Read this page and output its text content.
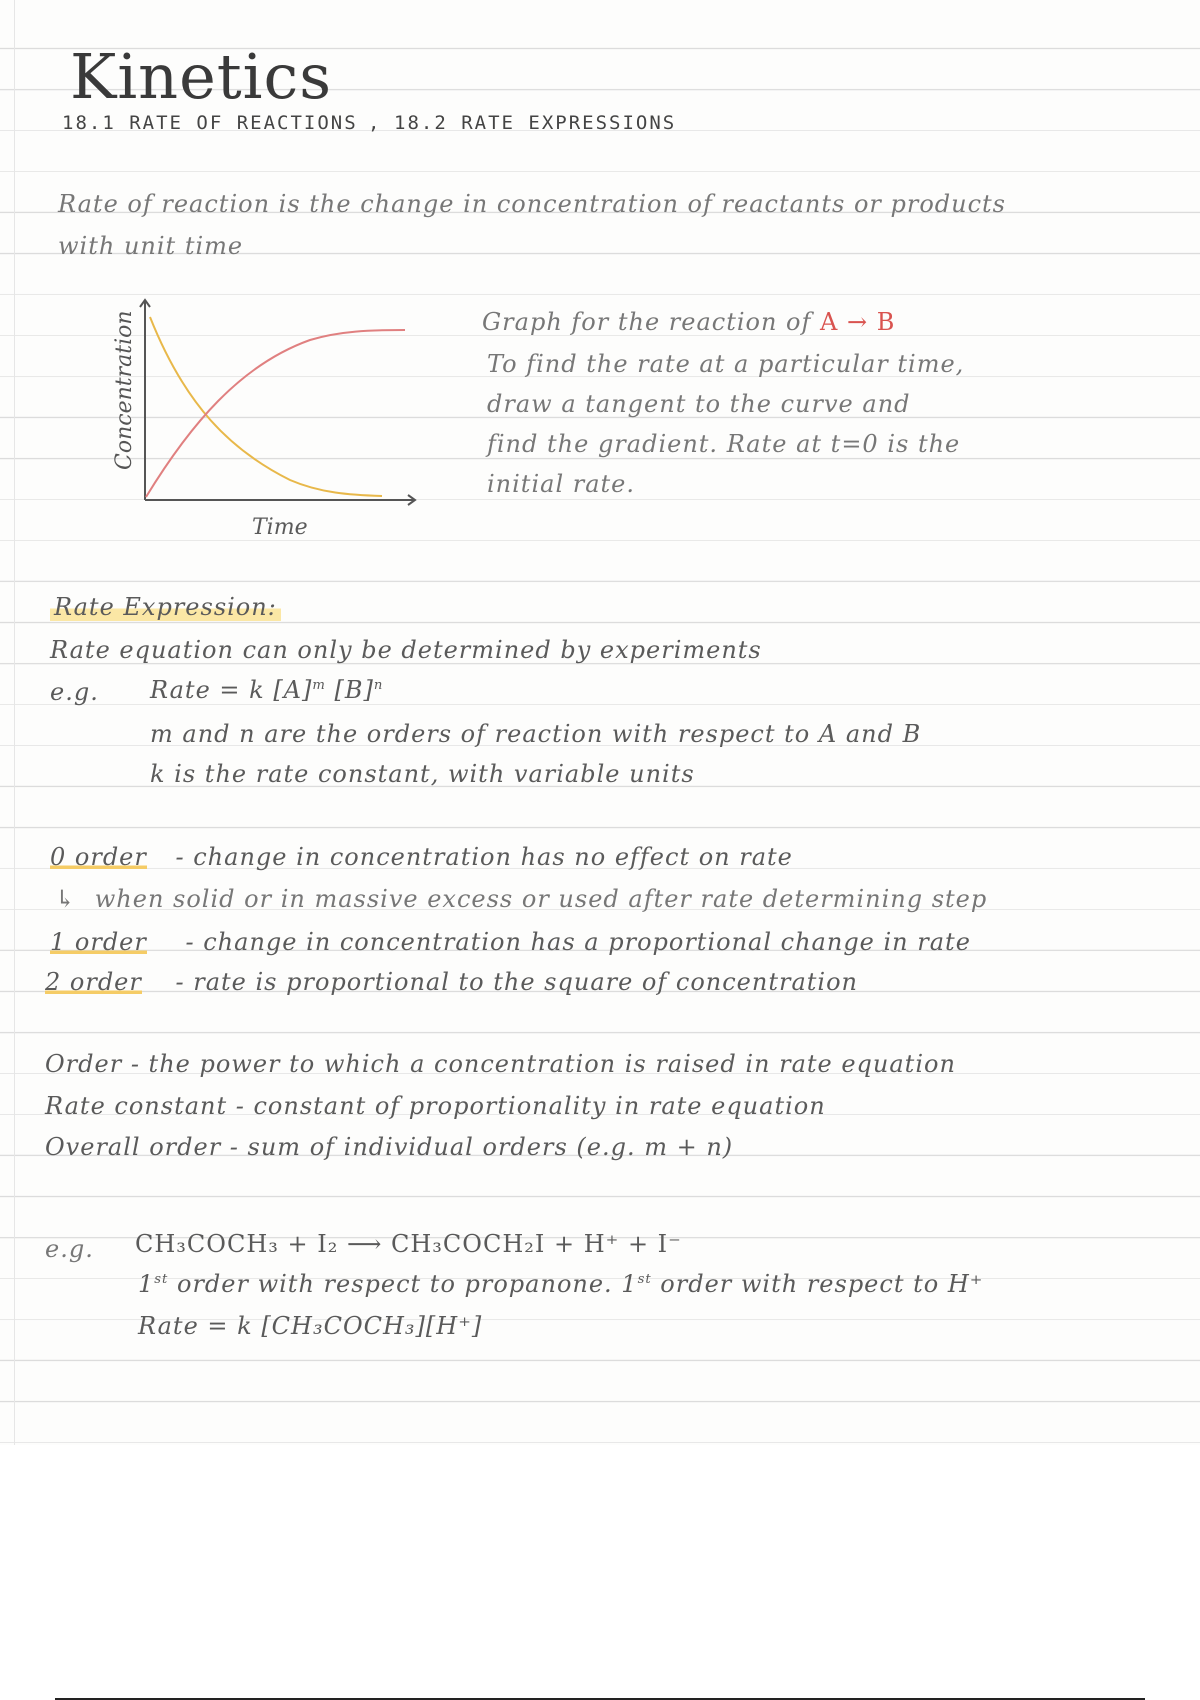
Kinetics
18.1 RATE OF REACTIONS , 18.2 RATE EXPRESSIONS
Rate of reaction is the change in concentration of reactants or products
with unit time
Concentration
Time
Graph for the reaction of A → B
To find the rate at a particular time,
draw a tangent to the curve and
find the gradient. Rate at t=0 is the
initial rate.
Rate Expression:
Rate equation can only be determined by experiments
e.g. Rate = k $[A]^m$ $[B]^n$
m and n are the orders of reaction with respect to A and B
k is the rate constant, with variable units
0 order - change in concentration has no effect on rate
↳ when solid or in massive excess or used after rate determining step
1 order - change in concentration has a proportional change in rate
2 order - rate is proportional to the square of concentration
Order - the power to which a concentration is raised in rate equation
Rate constant - constant of proportionality in rate equation
Overall order - sum of individual orders (e.g. m + n)
e.g. CH₃COCH₃ + I₂ ⟶ CH₃COCH₂I + H⁺ + I⁻
1st order with respect to propanone. 1st order with respect to H⁺
Rate = k [CH₃COCH₃][H⁺]
